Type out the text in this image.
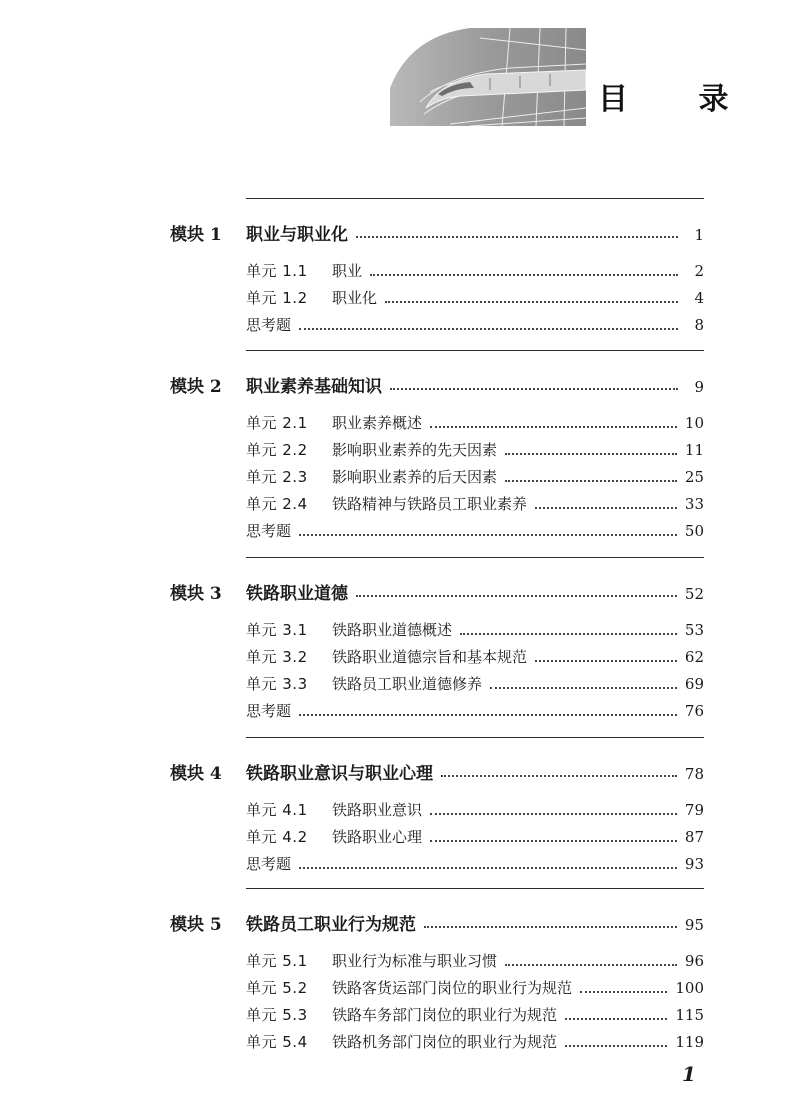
目 录
模块 1	职业与职业化	1
单元 1.1	职业	2
单元 1.2	职业化	4
思考题	8
模块 2	职业素养基础知识	9
单元 2.1	职业素养概述	10
单元 2.2	影响职业素养的先天因素	11
单元 2.3	影响职业素养的后天因素	25
单元 2.4	铁路精神与铁路员工职业素养	33
思考题	50
模块 3	铁路职业道德	52
单元 3.1	铁路职业道德概述	53
单元 3.2	铁路职业道德宗旨和基本规范	62
单元 3.3	铁路员工职业道德修养	69
思考题	76
模块 4	铁路职业意识与职业心理	78
单元 4.1	铁路职业意识	79
单元 4.2	铁路职业心理	87
思考题	93
模块 5	铁路员工职业行为规范	95
单元 5.1	职业行为标准与职业习惯	96
单元 5.2	铁路客货运部门岗位的职业行为规范	100
单元 5.3	铁路车务部门岗位的职业行为规范	115
单元 5.4	铁路机务部门岗位的职业行为规范	119
1
